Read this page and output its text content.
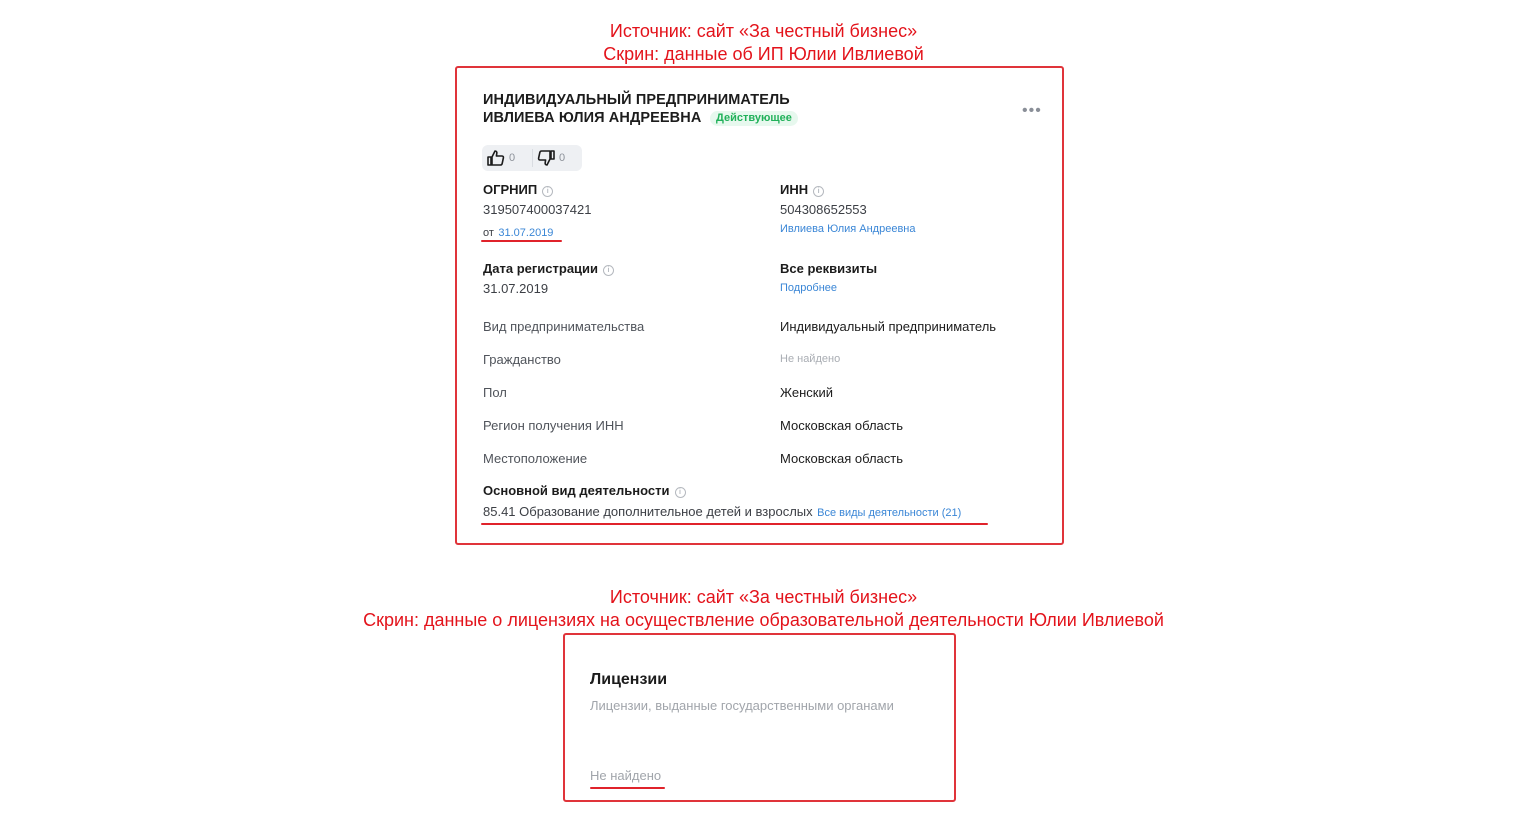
Источник: сайт «За честный бизнес»
Скрин: данные об ИП Юлии Ивлиевой
ИНДИВИДУАЛЬНЫЙ ПРЕДПРИНИМАТЕЛЬ
ИВЛИЕВА ЮЛИЯ АНДРЕЕВНА	Действующее	•••
0	0
ОГРНИП i
319507400037421
от 31.07.2019
ИНН i
504308652553
Ивлиева Юлия Андреевна
Дата регистрации i
31.07.2019
Все реквизиты
Подробнее
Вид предпринимательства	Индивидуальный предприниматель
Гражданство	Не найдено
Пол	Женский
Регион получения ИНН	Московская область
Местоположение	Московская область
Основной вид деятельности i
85.41 Образование дополнительное детей и взрослых Все виды деятельности (21)
Источник: сайт «За честный бизнес»
Скрин: данные о лицензиях на осуществление образовательной деятельности Юлии Ивлиевой
Лицензии
Лицензии, выданные государственными органами
Не найдено
